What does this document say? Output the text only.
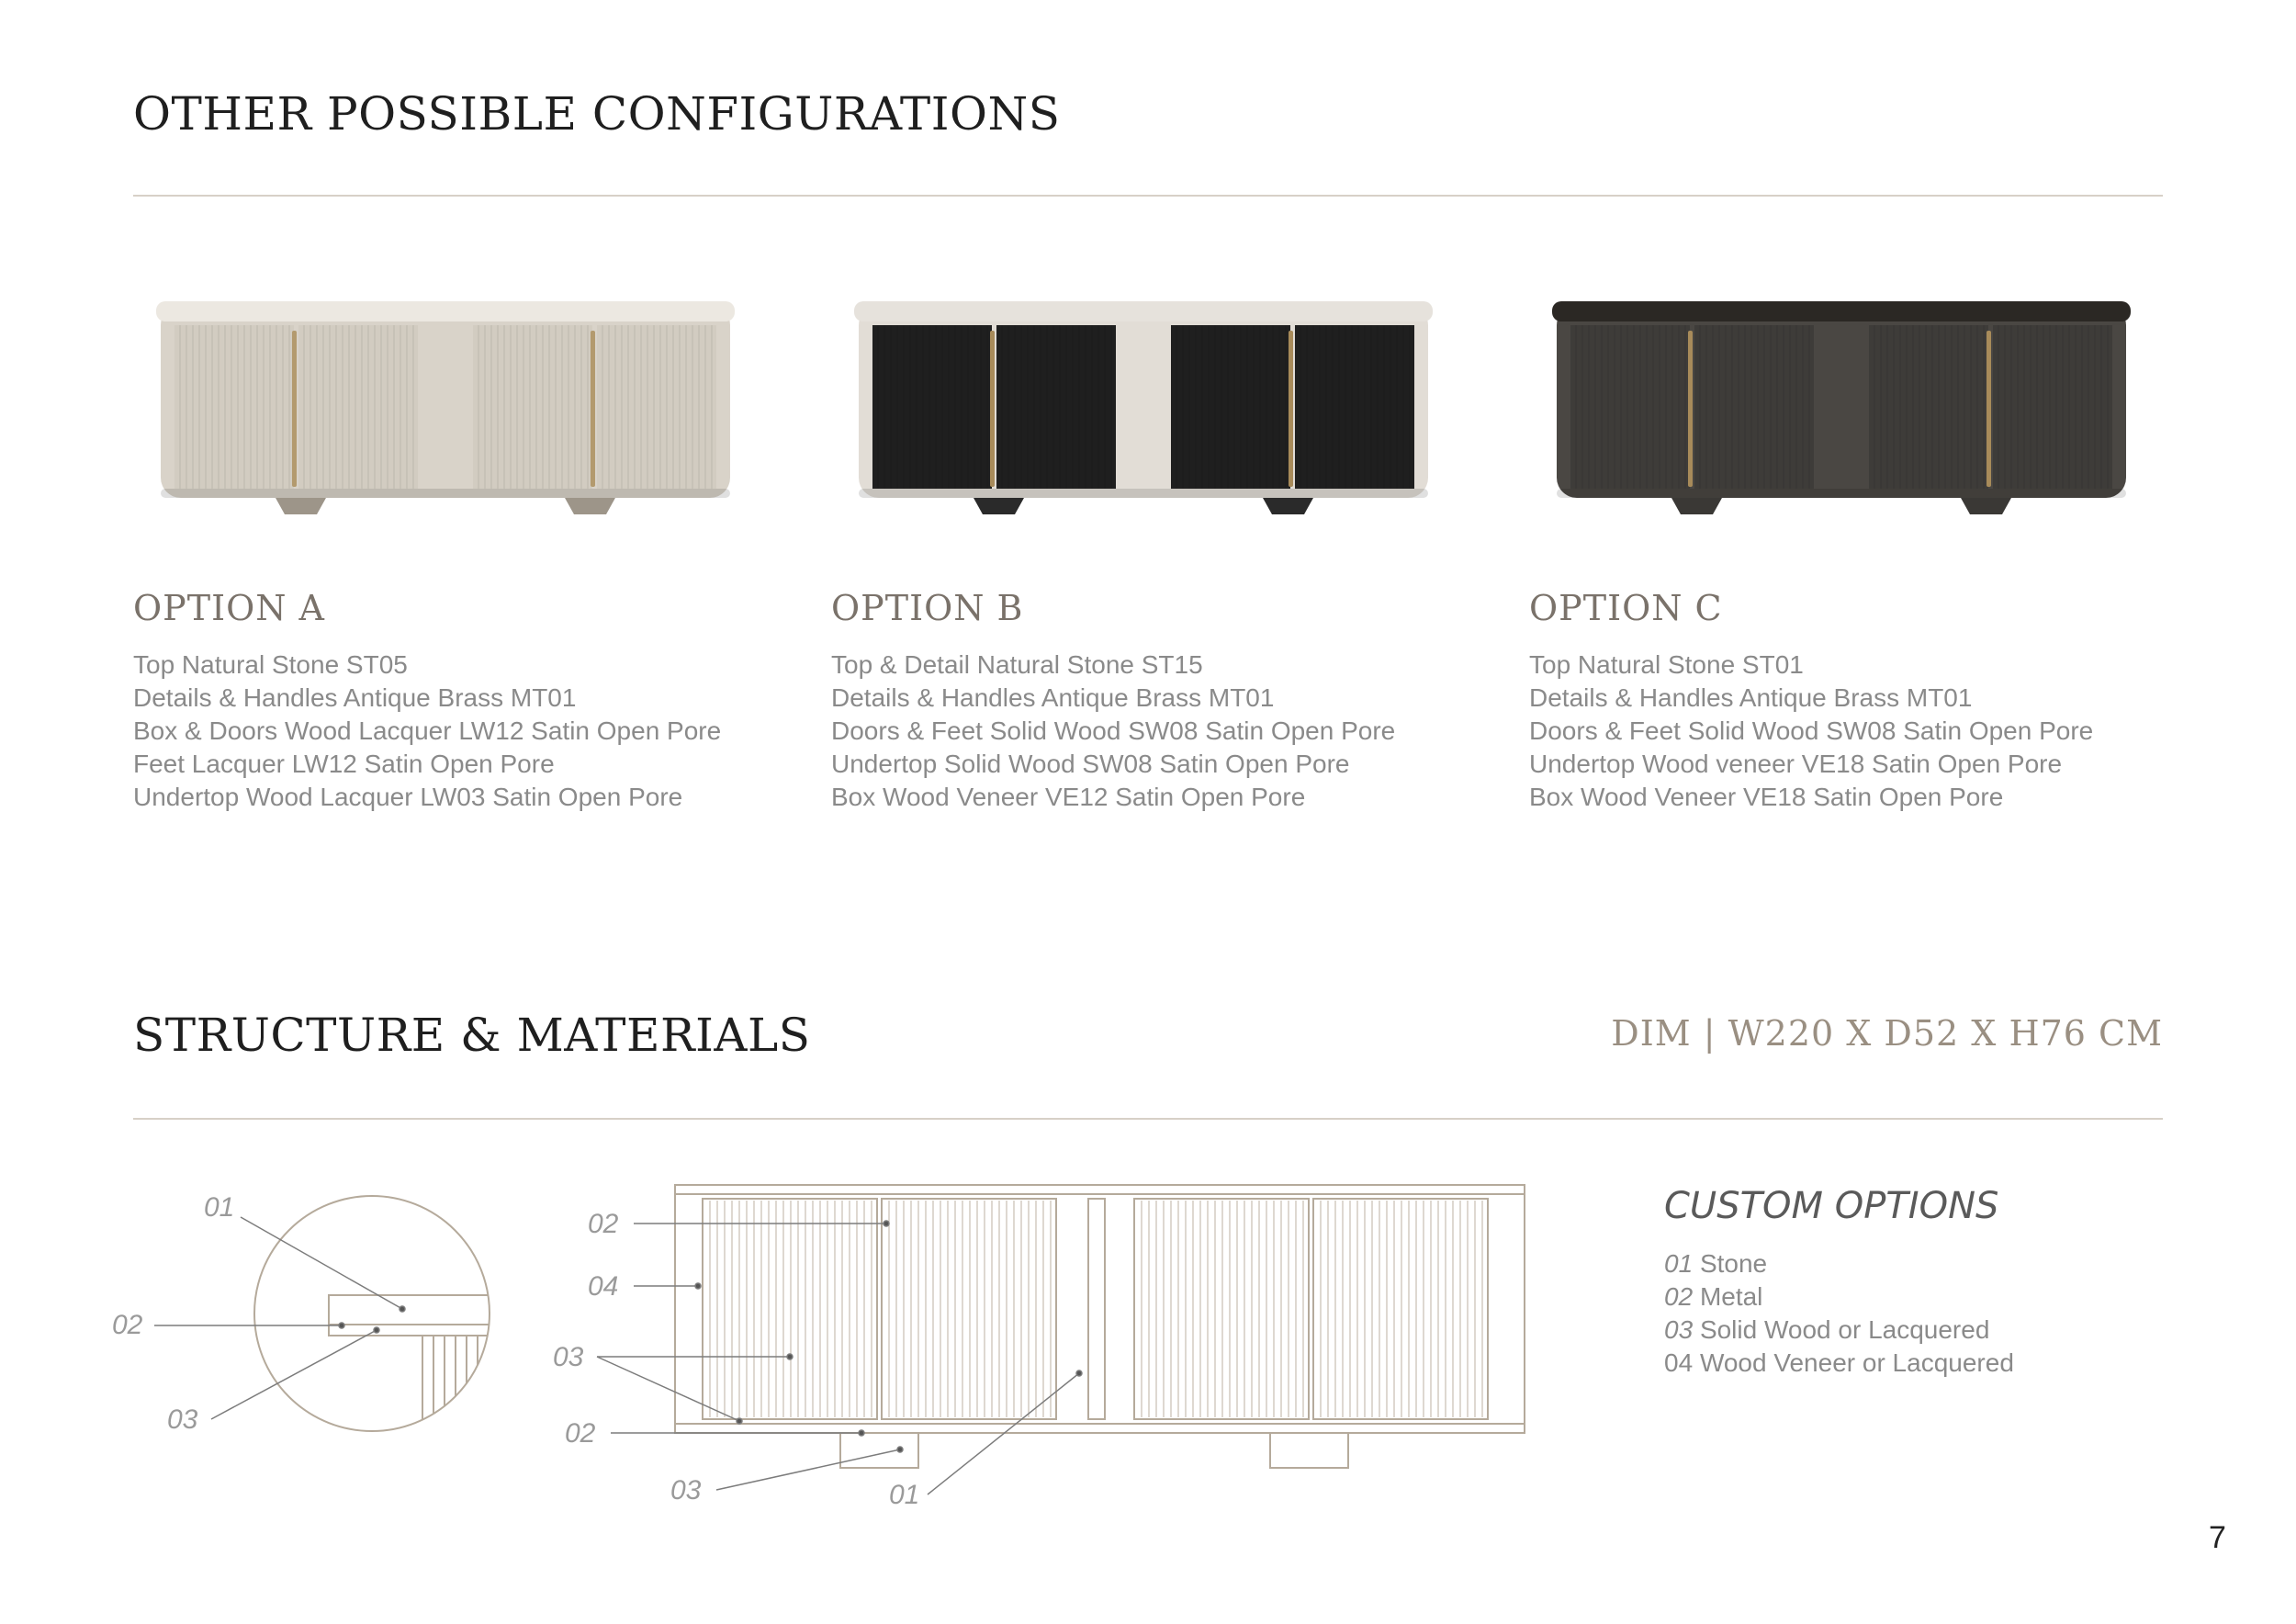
OTHER POSSIBLE CONFIGURATIONS
OPTION A
Top Natural Stone ST05
Details & Handles Antique Brass MT01
Box & Doors Wood Lacquer LW12 Satin Open Pore
Feet Lacquer LW12 Satin Open Pore
Undertop Wood Lacquer LW03 Satin Open Pore
OPTION B
Top & Detail Natural Stone ST15
Details & Handles Antique Brass MT01
Doors & Feet Solid Wood SW08 Satin Open Pore
Undertop Solid Wood SW08 Satin Open Pore
Box Wood Veneer VE12 Satin Open Pore
OPTION C
Top Natural Stone ST01
Details & Handles Antique Brass MT01
Doors & Feet Solid Wood SW08 Satin Open Pore
Undertop Wood veneer VE18 Satin Open Pore
Box Wood Veneer VE18 Satin Open Pore
STRUCTURE & MATERIALS	DIM | W220 X D52 X H76 CM
01
02
03
02
04
03
02
03	01
CUSTOM OPTIONS
01 Stone
02 Metal
03 Solid Wood or Lacquered
04 Wood Veneer or Lacquered
7
